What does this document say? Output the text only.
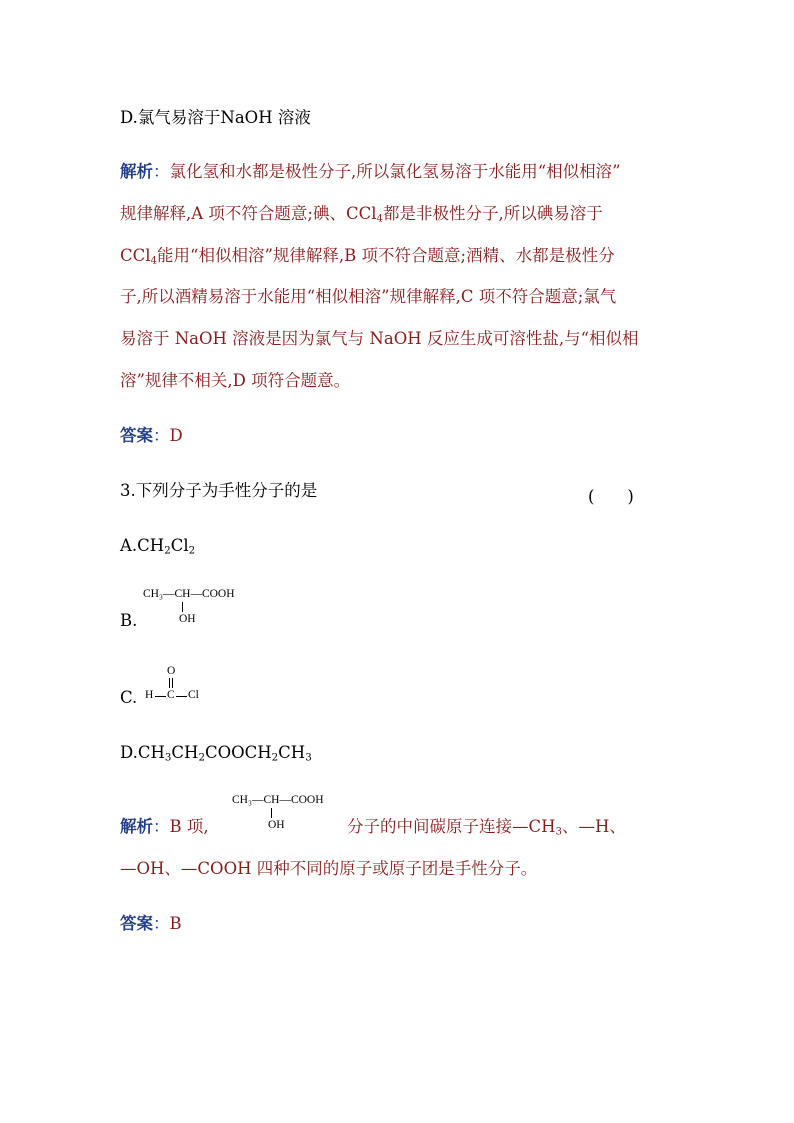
D.氯气易溶于NaOH 溶液
解析：氯化氢和水都是极性分子,所以氯化氢易溶于水能用“相似相溶”
规律解释,A 项不符合题意;碘、CCl$_4$都是非极性分子,所以碘易溶于
CCl$_4$能用“相似相溶”规律解释,B 项不符合题意;酒精、水都是极性分
子,所以酒精易溶于水能用“相似相溶”规律解释,C 项不符合题意;氯气
易溶于 NaOH 溶液是因为氯气与 NaOH 反应生成可溶性盐,与“相似相
溶”规律不相关,D 项符合题意。
答案：D
3.下列分子为手性分子的是	(　　)
$A.CH_2Cl_2$
B.
CH₃—CH—COOH
OH
C.
O
H C Cl
$D.CH_3CH_2COOCH_2CH_3$
解析：B 项,
CH₃—CH—COOH
OH	分子的中间碳原子连接$—CH_3$、—H、
—OH、—COOH 四种不同的原子或原子团是手性分子。
答案：B
